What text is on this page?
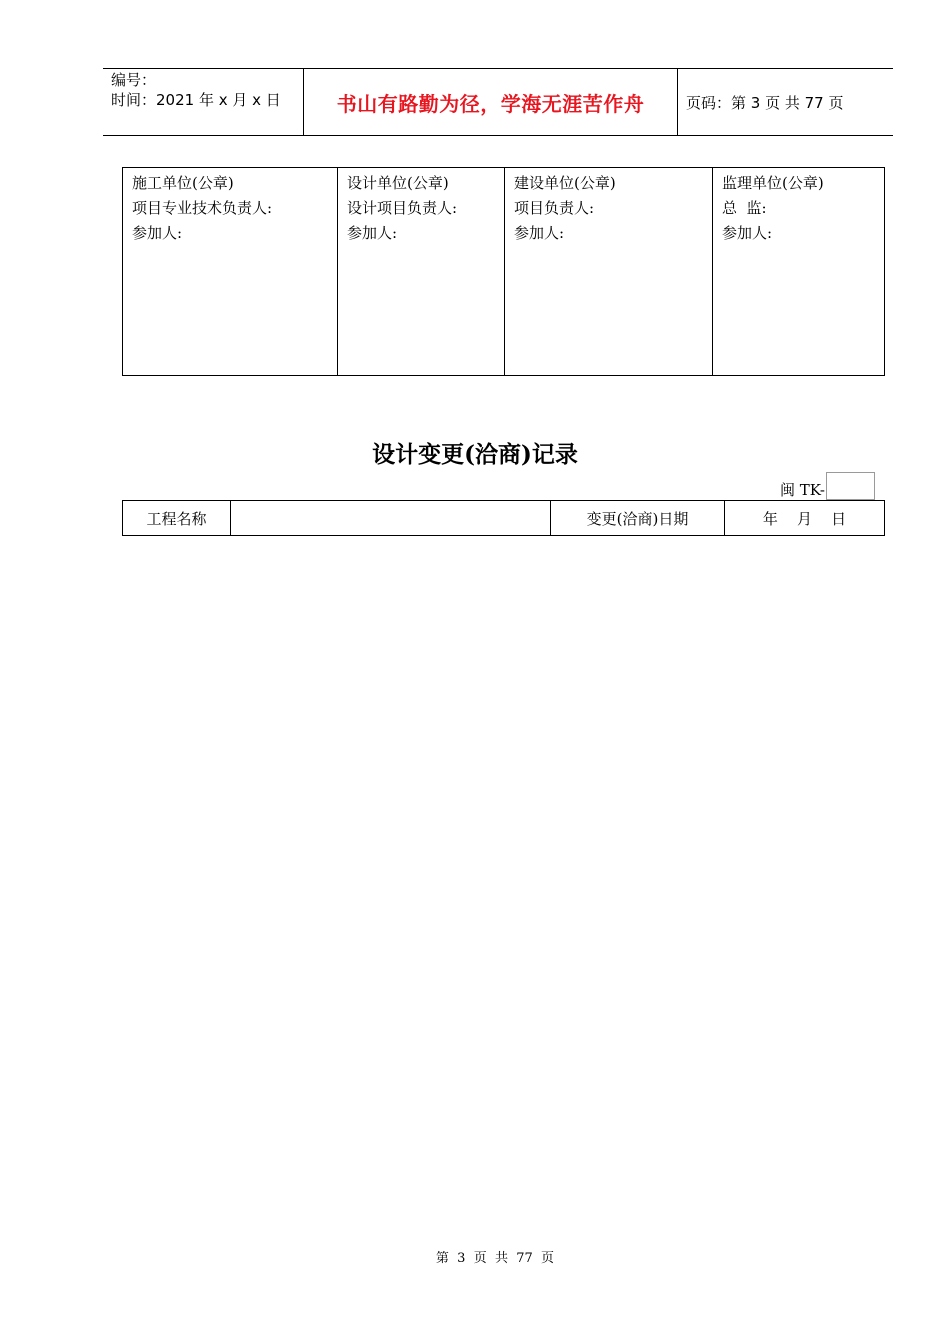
编号：
时间：2021 年 x 月 x 日	书山有路勤为径，学海无涯苦作舟	页码：第 3 页 共 77 页
施工单位(公章)
项目专业技术负责人:
参加人:

设计单位(公章)
设计项目负责人:
参加人:

建设单位(公章)
项目负责人:
参加人:

监理单位(公章)
总  监:
参加人:
设计变更(洽商)记录
闽 TK-
工程名称		变更(洽商)日期	年    月    日
第  3  页  共  77  页
